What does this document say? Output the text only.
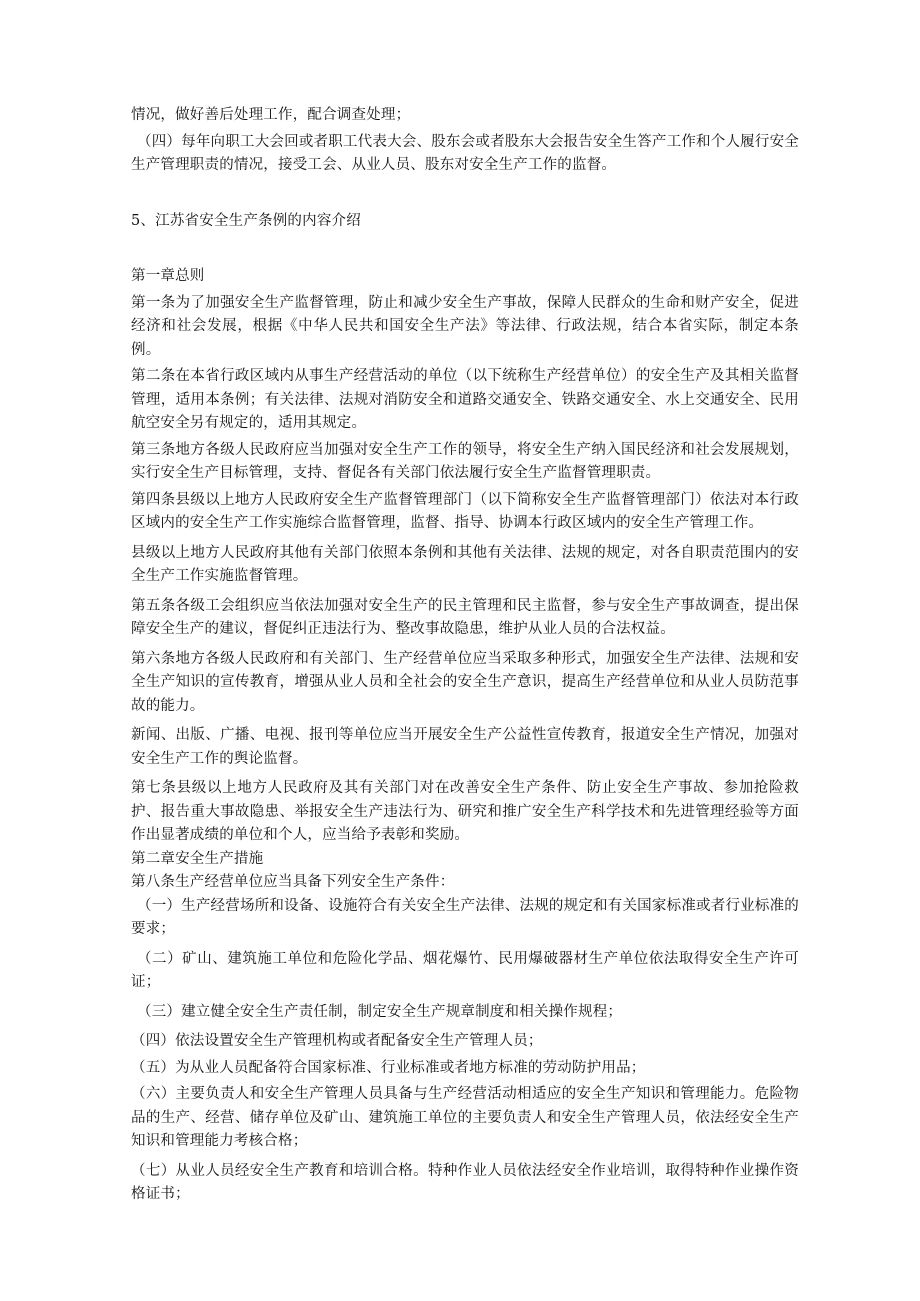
情况，做好善后处理工作，配合调查处理；

（四）每年向职工大会回或者职工代表大会、股东会或者股东大会报告安全生答产工作和个人履行安全生产管理职责的情况，接受工会、从业人员、股东对安全生产工作的监督。

5、江苏省安全生产条例的内容介绍

第一章总则

第一条为了加强安全生产监督管理，防止和减少安全生产事故，保障人民群众的生命和财产安全，促进经济和社会发展，根据《中华人民共和国安全生产法》等法律、行政法规，结合本省实际，制定本条例。

第二条在本省行政区域内从事生产经营活动的单位（以下统称生产经营单位）的安全生产及其相关监督管理，适用本条例；有关法律、法规对消防安全和道路交通安全、铁路交通安全、水上交通安全、民用航空安全另有规定的，适用其规定。

第三条地方各级人民政府应当加强对安全生产工作的领导，将安全生产纳入国民经济和社会发展规划，实行安全生产目标管理，支持、督促各有关部门依法履行安全生产监督管理职责。

第四条县级以上地方人民政府安全生产监督管理部门（以下简称安全生产监督管理部门）依法对本行政区域内的安全生产工作实施综合监督管理，监督、指导、协调本行政区域内的安全生产管理工作。

县级以上地方人民政府其他有关部门依照本条例和其他有关法律、法规的规定，对各自职责范围内的安全生产工作实施监督管理。

第五条各级工会组织应当依法加强对安全生产的民主管理和民主监督，参与安全生产事故调查，提出保障安全生产的建议，督促纠正违法行为、整改事故隐患，维护从业人员的合法权益。

第六条地方各级人民政府和有关部门、生产经营单位应当采取多种形式，加强安全生产法律、法规和安全生产知识的宣传教育，增强从业人员和全社会的安全生产意识，提高生产经营单位和从业人员防范事故的能力。

新闻、出版、广播、电视、报刊等单位应当开展安全生产公益性宣传教育，报道安全生产情况，加强对安全生产工作的舆论监督。

第七条县级以上地方人民政府及其有关部门对在改善安全生产条件、防止安全生产事故、参加抢险救护、报告重大事故隐患、举报安全生产违法行为、研究和推广安全生产科学技术和先进管理经验等方面作出显著成绩的单位和个人，应当给予表彰和奖励。

第二章安全生产措施

第八条生产经营单位应当具备下列安全生产条件：

（一）生产经营场所和设备、设施符合有关安全生产法律、法规的规定和有关国家标准或者行业标准的要求；

（二）矿山、建筑施工单位和危险化学品、烟花爆竹、民用爆破器材生产单位依法取得安全生产许可证；

（三）建立健全安全生产责任制，制定安全生产规章制度和相关操作规程；

（四）依法设置安全生产管理机构或者配备安全生产管理人员；

（五）为从业人员配备符合国家标准、行业标准或者地方标准的劳动防护用品；

（六）主要负责人和安全生产管理人员具备与生产经营活动相适应的安全生产知识和管理能力。危险物品的生产、经营、储存单位及矿山、建筑施工单位的主要负责人和安全生产管理人员，依法经安全生产知识和管理能力考核合格；

（七）从业人员经安全生产教育和培训合格。特种作业人员依法经安全作业培训，取得特种作业操作资格证书；
